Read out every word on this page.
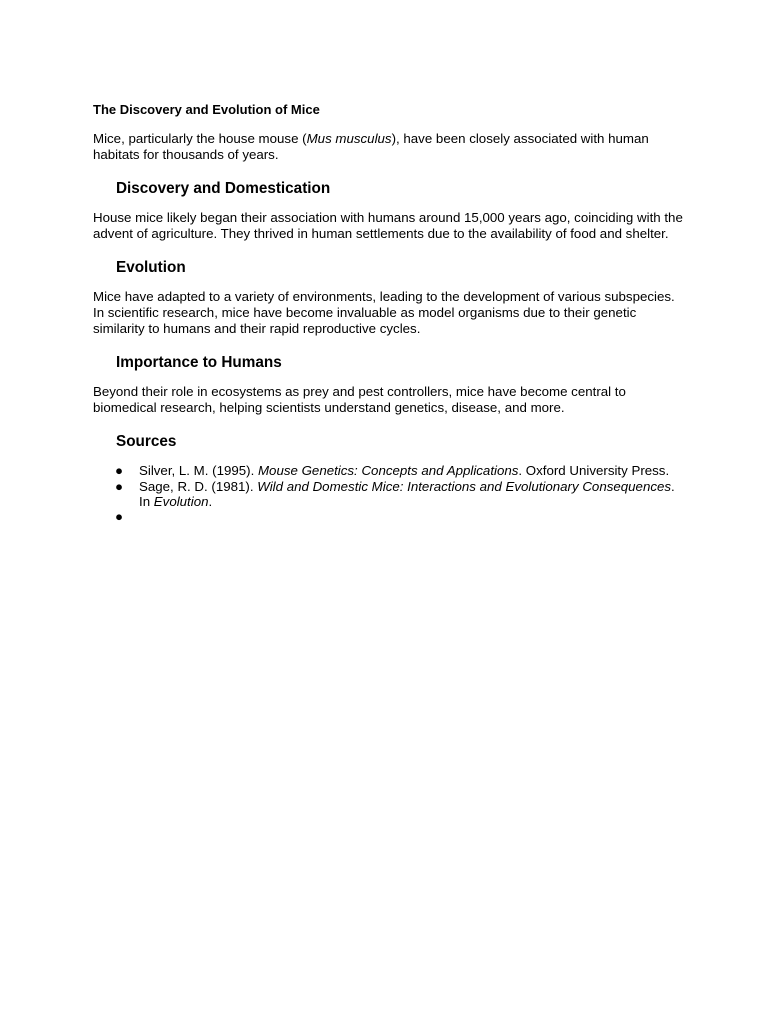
The Discovery and Evolution of Mice

Mice, particularly the house mouse (Mus musculus), have been closely associated with human habitats for thousands of years.

Discovery and Domestication

House mice likely began their association with humans around 15,000 years ago, coinciding with the advent of agriculture. They thrived in human settlements due to the availability of food and shelter.

Evolution

Mice have adapted to a variety of environments, leading to the development of various subspecies. In scientific research, mice have become invaluable as model organisms due to their genetic similarity to humans and their rapid reproductive cycles.

Importance to Humans

Beyond their role in ecosystems as prey and pest controllers, mice have become central to biomedical research, helping scientists understand genetics, disease, and more.

Sources
● Silver, L. M. (1995). Mouse Genetics: Concepts and Applications. Oxford University Press.
● Sage, R. D. (1981). Wild and Domestic Mice: Interactions and Evolutionary Consequences. In Evolution.
●
